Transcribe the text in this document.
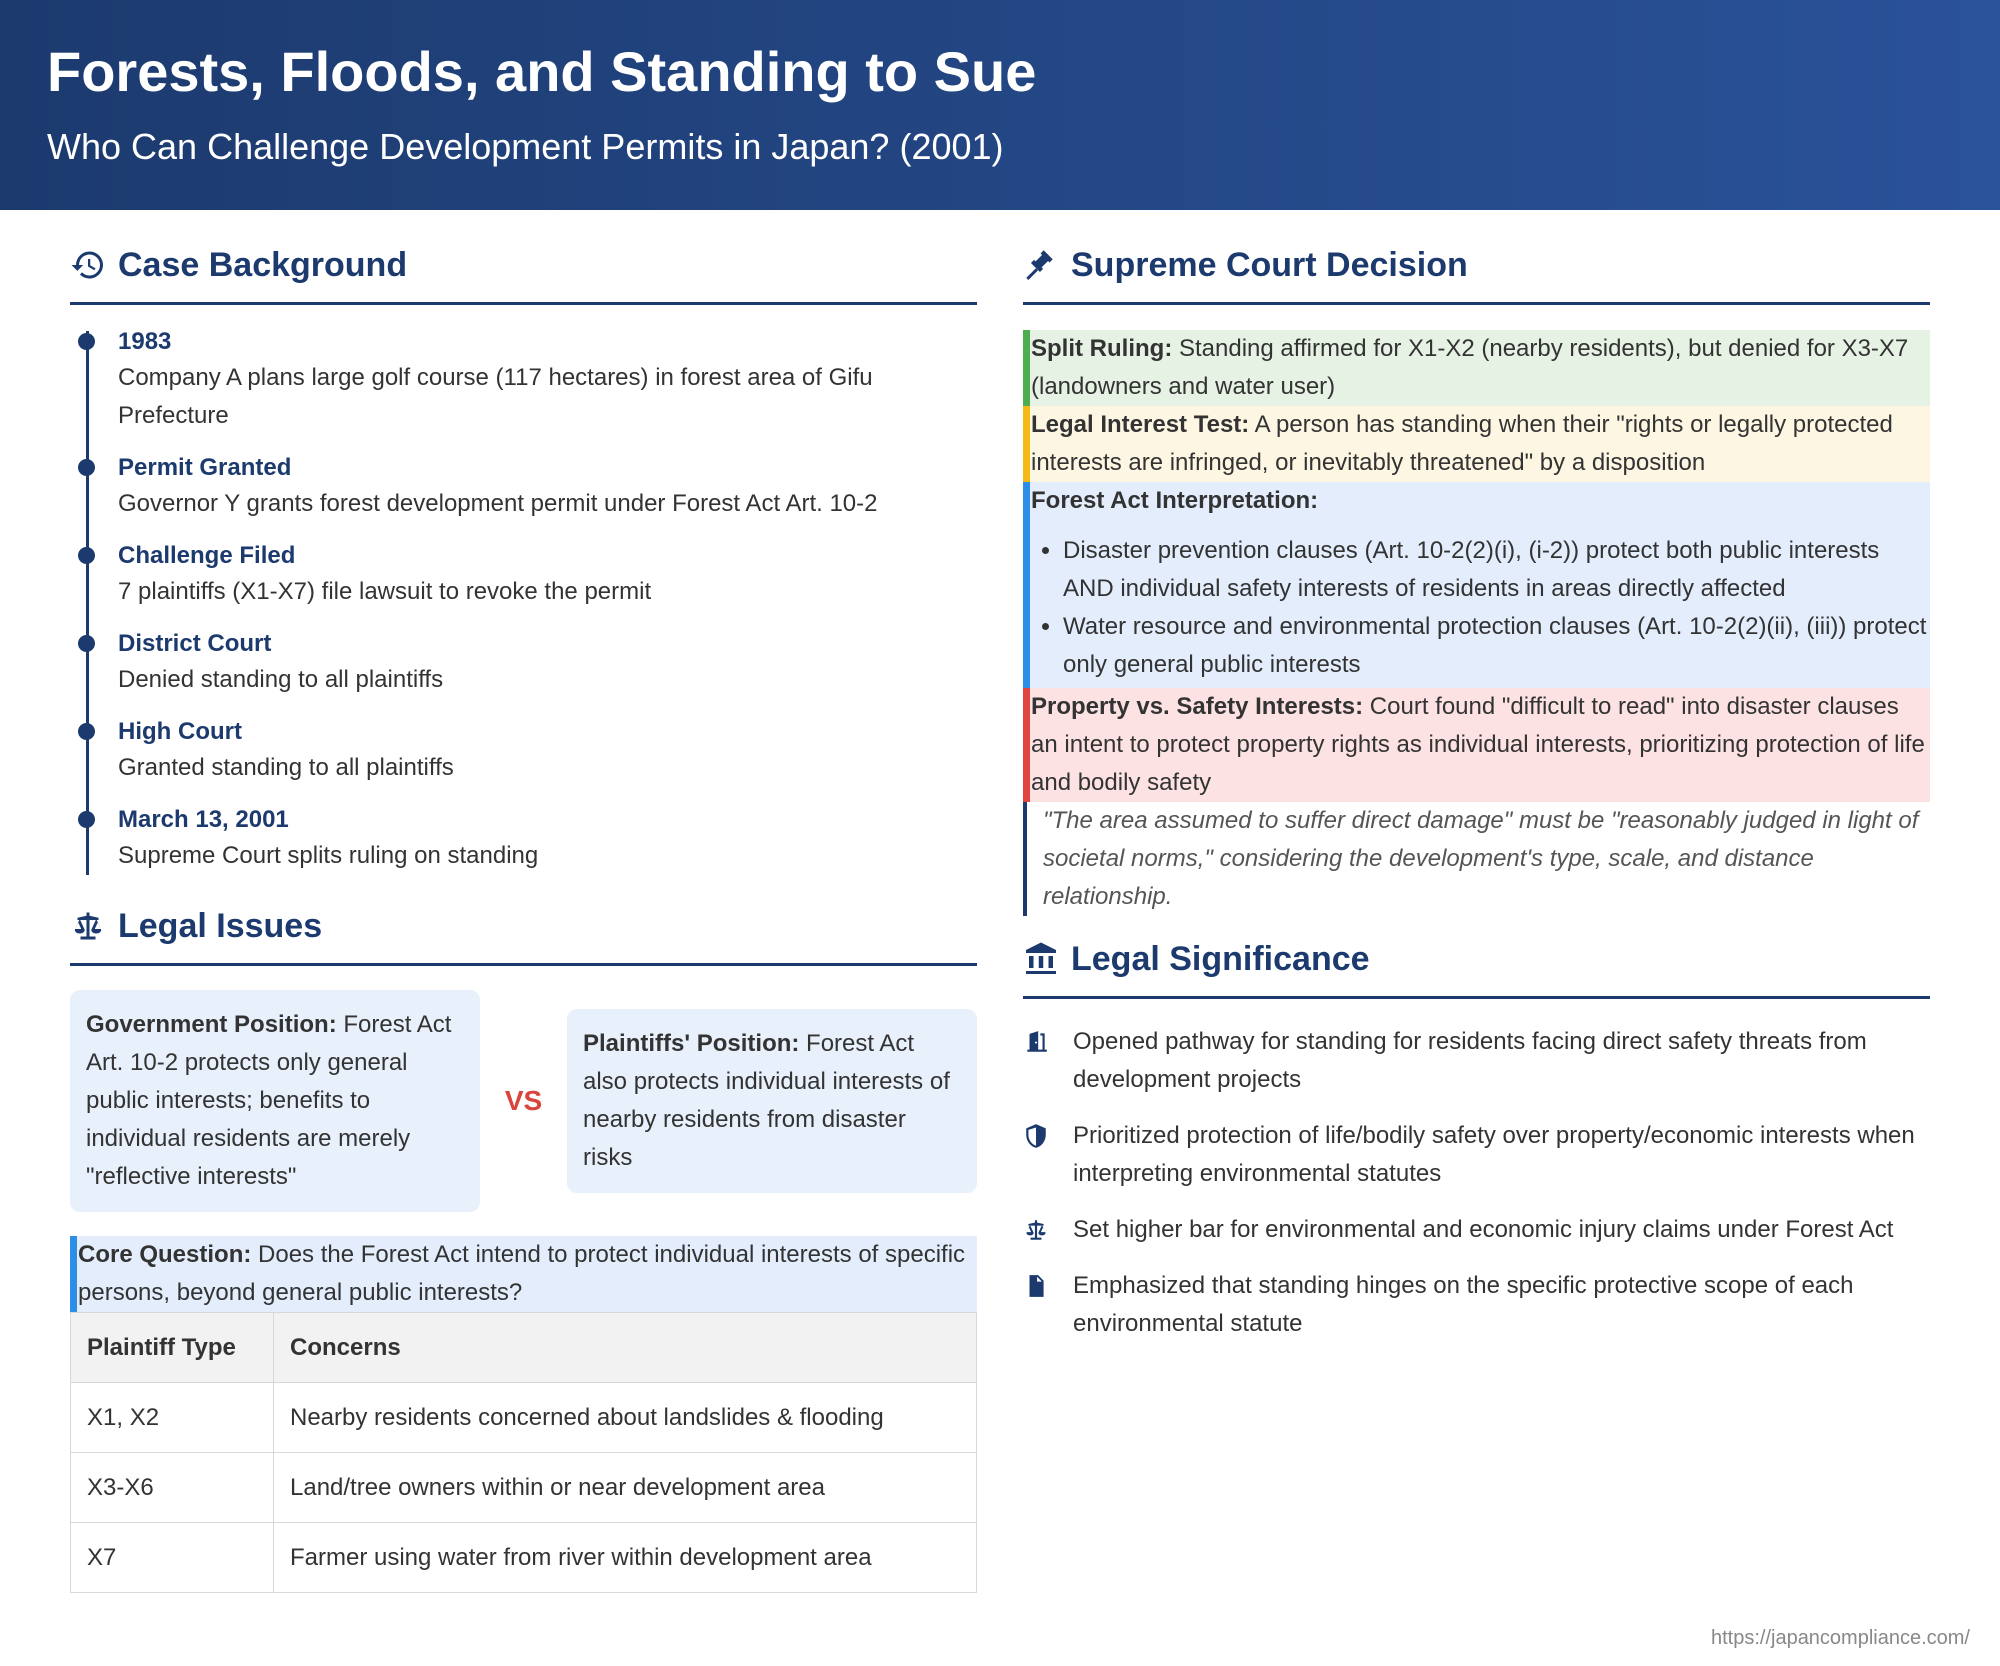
Forests, Floods, and Standing to Sue
Who Can Challenge Development Permits in Japan? (2001)
Case Background
1983
Company A plans large golf course (117 hectares) in forest area of Gifu Prefecture
Permit Granted
Governor Y grants forest development permit under Forest Act Art. 10-2
Challenge Filed
7 plaintiffs (X1-X7) file lawsuit to revoke the permit
District Court
Denied standing to all plaintiffs
High Court
Granted standing to all plaintiffs
March 13, 2001
Supreme Court splits ruling on standing
Legal Issues
Government Position: Forest Act Art. 10-2 protects only general public interests; benefits to individual residents are merely "reflective interests"
VS
Plaintiffs' Position: Forest Act also protects individual interests of nearby residents from disaster risks
Core Question: Does the Forest Act intend to protect individual interests of specific persons, beyond general public interests?
Plaintiff Type	Concerns
X1, X2	Nearby residents concerned about landslides & flooding
X3-X6	Land/tree owners within or near development area
X7	Farmer using water from river within development area
Supreme Court Decision
Split Ruling: Standing affirmed for X1-X2 (nearby residents), but denied for X3-X7 (landowners and water user)
Legal Interest Test: A person has standing when their "rights or legally protected interests are infringed, or inevitably threatened" by a disposition
Forest Act Interpretation:
• Disaster prevention clauses (Art. 10-2(2)(i), (i-2)) protect both public interests AND individual safety interests of residents in areas directly affected
• Water resource and environmental protection clauses (Art. 10-2(2)(ii), (iii)) protect only general public interests
Property vs. Safety Interests: Court found "difficult to read" into disaster clauses an intent to protect property rights as individual interests, prioritizing protection of life and bodily safety
"The area assumed to suffer direct damage" must be "reasonably judged in light of societal norms," considering the development's type, scale, and distance relationship.
Legal Significance
Opened pathway for standing for residents facing direct safety threats from development projects
Prioritized protection of life/bodily safety over property/economic interests when interpreting environmental statutes
Set higher bar for environmental and economic injury claims under Forest Act
Emphasized that standing hinges on the specific protective scope of each environmental statute
https://japancompliance.com/
